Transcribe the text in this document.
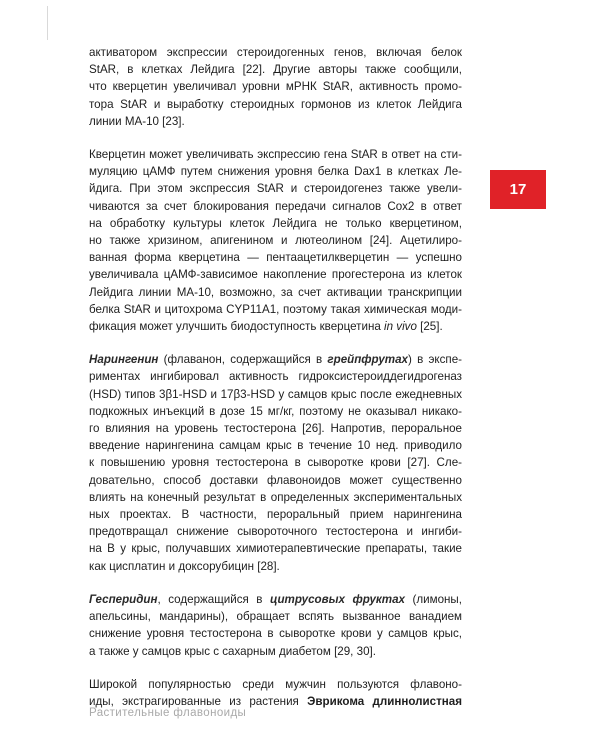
активатором экспрессии стероидогенных генов, включая белок
StAR, в клетках Лейдига [22]. Другие авторы также сообщили,
что кверцетин увеличивал уровни мРНК StAR, активность промо-
тора StAR и выработку стероидных гормонов из клеток Лейдига
линии МА-10 [23].

Кверцетин может увеличивать экспрессию гена StAR в ответ на сти-
муляцию цАМФ путем снижения уровня белка Dax1 в клетках Ле-
йдига. При этом экспрессия StAR и стероидогенез также увели-
чиваются за счет блокирования передачи сигналов Сох2 в ответ
на обработку культуры клеток Лейдига не только кверцетином,
но также хризином, апигенином и лютеолином [24]. Ацетилиро-
ванная форма кверцетина — пентаацетилкверцетин — успешно
увеличивала цАМФ-зависимое накопление прогестерона из клеток
Лейдига линии МА-10, возможно, за счет активации транскрипции
белка StAR и цитохрома CYP11A1, поэтому такая химическая моди-
фикация может улучшить биодоступность кверцетина in vivo [25].

Нарингенин (флаванон, содержащийся в грейпфрутах) в экспе-
риментах ингибировал активность гидроксистероиддегидрогеназ
(HSD) типов 3β1-HSD и 17β3-HSD у самцов крыс после ежедневных
подкожных инъекций в дозе 15 мг/кг, поэтому не оказывал никако-
го влияния на уровень тестостерона [26]. Напротив, пероральное
введение нарингенина самцам крыс в течение 10 нед. приводило
к повышению уровня тестостерона в сыворотке крови [27]. Сле-
довательно, способ доставки флавоноидов может существенно
влиять на конечный результат в определенных экспериментальных
ных проектах. В частности, пероральный прием нарингенина
предотвращал снижение сывороточного тестостерона и ингиби-
на В у крыс, получавших химиотерапевтические препараты, такие
как цисплатин и доксорубицин [28].

Гесперидин, содержащийся в цитрусовых фруктах (лимоны,
апельсины, мандарины), обращает вспять вызванное ванадием
снижение уровня тестостерона в сыворотке крови у самцов крыс,
а также у самцов крыс с сахарным диабетом [29, 30].

Широкой популярностью среди мужчин пользуются флавоно-
иды, экстрагированные из растения Эврикома длиннолистная

17
Растительные флавоноиды
